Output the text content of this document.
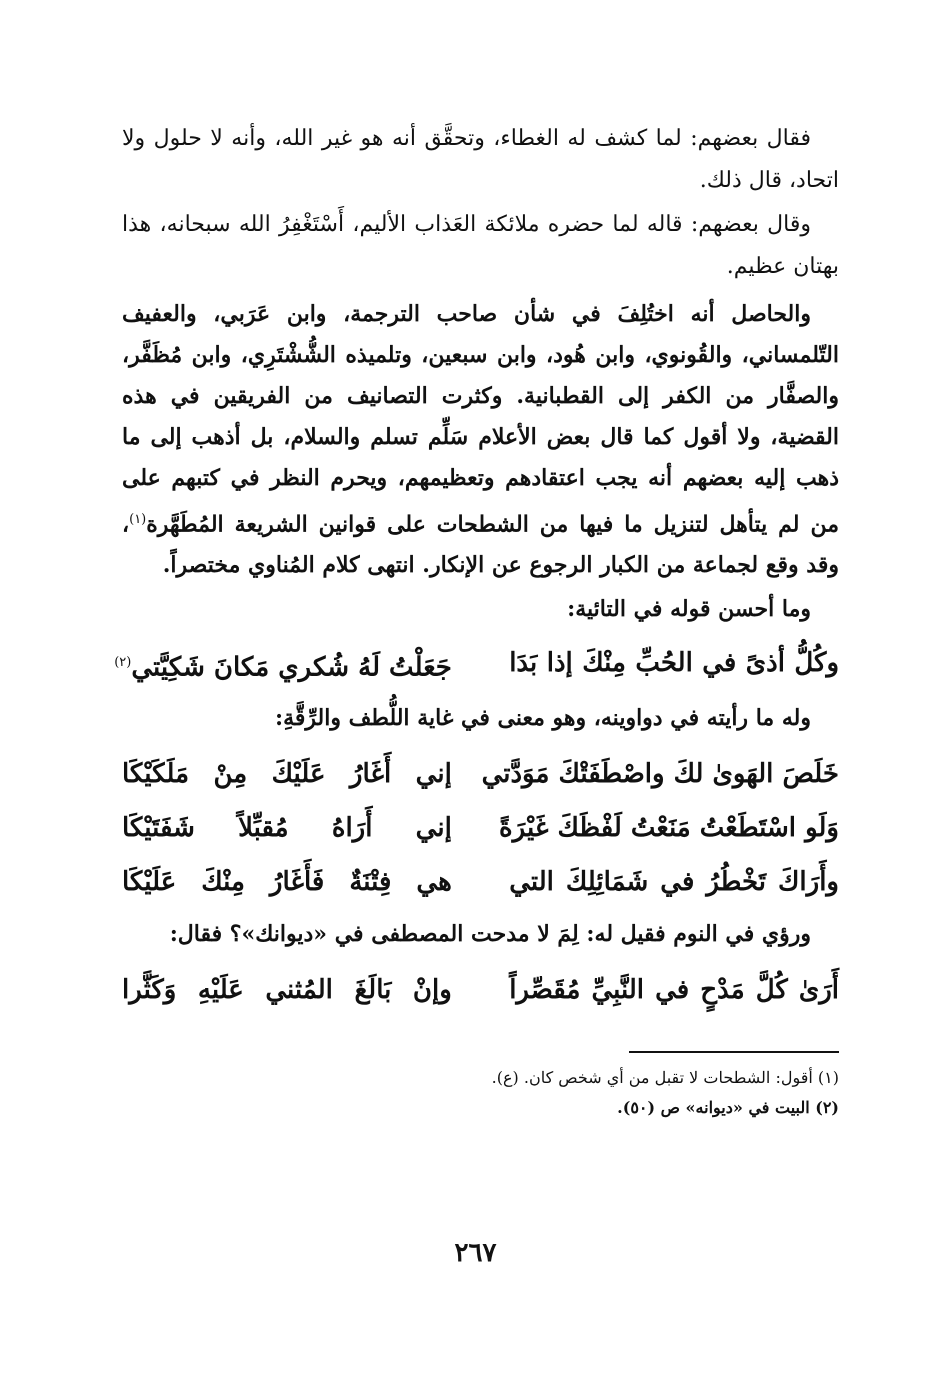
فقال بعضهم: لما كشف له الغطاء، وتحقَّق أنه هو غير الله، وأنه لا حلول ولا اتحاد، قال ذلك.

وقال بعضهم: قاله لما حضره ملائكة العَذاب الأليم، أَسْتَغْفِرُ الله سبحانه، هذا بهتان عظيم.

والحاصل أنه اختُلِفَ في شأن صاحب الترجمة، وابن عَرَبي، والعفيف التّلمساني، والقُونوي، وابن هُود، وابن سبعين، وتلميذه الشُّشْتَرِي، وابن مُظَفَّر، والصفَّار من الكفر إلى القطبانية. وكثرت التصانيف من الفريقين في هذه القضية، ولا أقول كما قال بعض الأعلام سَلِّم تسلم والسلام، بل أذهب إلى ما ذهب إليه بعضهم أنه يجب اعتقادهم وتعظيمهم، ويحرم النظر في كتبهم على من لم يتأهل لتنزيل ما فيها من الشطحات على قوانين الشريعة المُطَهَّرة$^{(١)}$، وقد وقع لجماعة من الكبار الرجوع عن الإنكار. انتهى كلام المُناوي مختصراً.

وما أحسن قوله في التائية:

وكُلُّ أذىً في الحُبِّ مِنْكَ إذا بَدَا
جَعَلْتُ لَهُ شُكري مَكانَ شَكِيَّتي$^{(٢)}$

وله ما رأيته في دواوينه، وهو معنى في غاية اللُّطف والرِّقَّةِ:

خَلَصَ الهَوىٰ لكَ واصْطَفَتْكَ مَوَدَّتي
إني أَغَارُ عَلَيْكَ مِنْ مَلَكَيْكَا
وَلَو اسْتَطَعْتُ مَنَعْتُ لَفْظَكَ غَيْرَةً
إني أَرَاهُ مُقبِّلاً شَفَتَيْكَا
وأَرَاكَ تَخْطُرُ في شَمَائِلِكَ التي
هي فِتْنَةٌ فَأَغَارُ مِنْكَ عَلَيْكَا

ورؤي في النوم فقيل له: لِمَ لا مدحت المصطفى في «ديوانك»؟ فقال:

أَرَىٰ كُلَّ مَدْحٍ في النَّبِيِّ مُقَصِّراً
وإنْ بَالَغَ المُثني عَلَيْهِ وَكَثَّرا
(١) أقول: الشطحات لا تقبل من أي شخص كان. (ع).
(٢) البيت في «ديوانه» ص (٥٠).
٢٦٧
